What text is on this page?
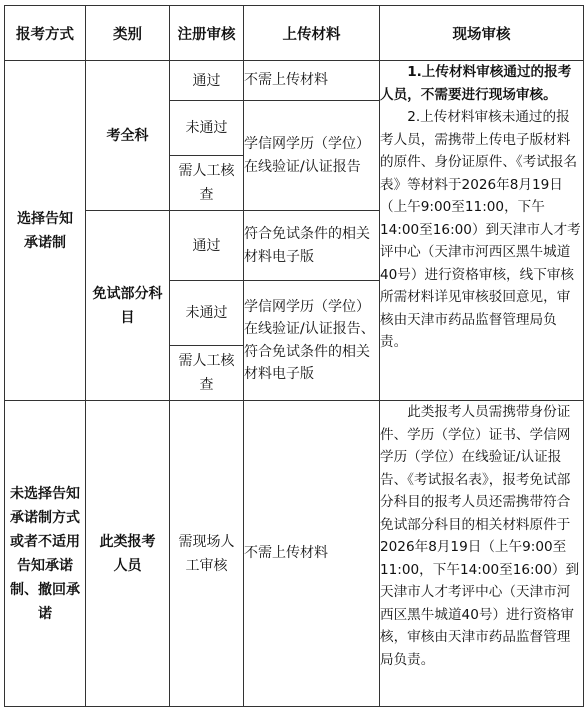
报考方式	类别	注册审核	上传材料	现场审核
选择告知承诺制	考全科	通过	不需上传材料	1.上传材料审核通过的报考人员，不需要进行现场审核。

2.上传材料审核未通过的报考人员，需携带上传电子版材料的原件、身份证原件、《考试报名表》等材料于2026年8月19日（上午9:00至11:00，下午14:00至16:00）到天津市人才考评中心（天津市河西区黑牛城道40号）进行资格审核，线下审核所需材料详见审核驳回意见，审核由天津市药品监督管理局负责。

		未通过	学信网学历（学位）在线验证/认证报告	
		需人工核查		
	免试部分科目	通过	符合免试条件的相关材料电子版	
		未通过	学信网学历（学位）在线验证/认证报告、符合免试条件的相关材料电子版	
		需人工核查		
未选择告知承诺制方式或者不适用告知承诺制、撤回承诺	此类报考人员	需现场人工审核	不需上传材料	此类报考人员需携带身份证件、学历（学位）证书、学信网学历（学位）在线验证/认证报告、《考试报名表》，报考免试部分科目的报考人员还需携带符合免试部分科目的相关材料原件于2026年8月19日（上午9:00至11:00，下午14:00至16:00）到天津市人才考评中心（天津市河西区黑牛城道40号）进行资格审核，审核由天津市药品监督管理局负责。
